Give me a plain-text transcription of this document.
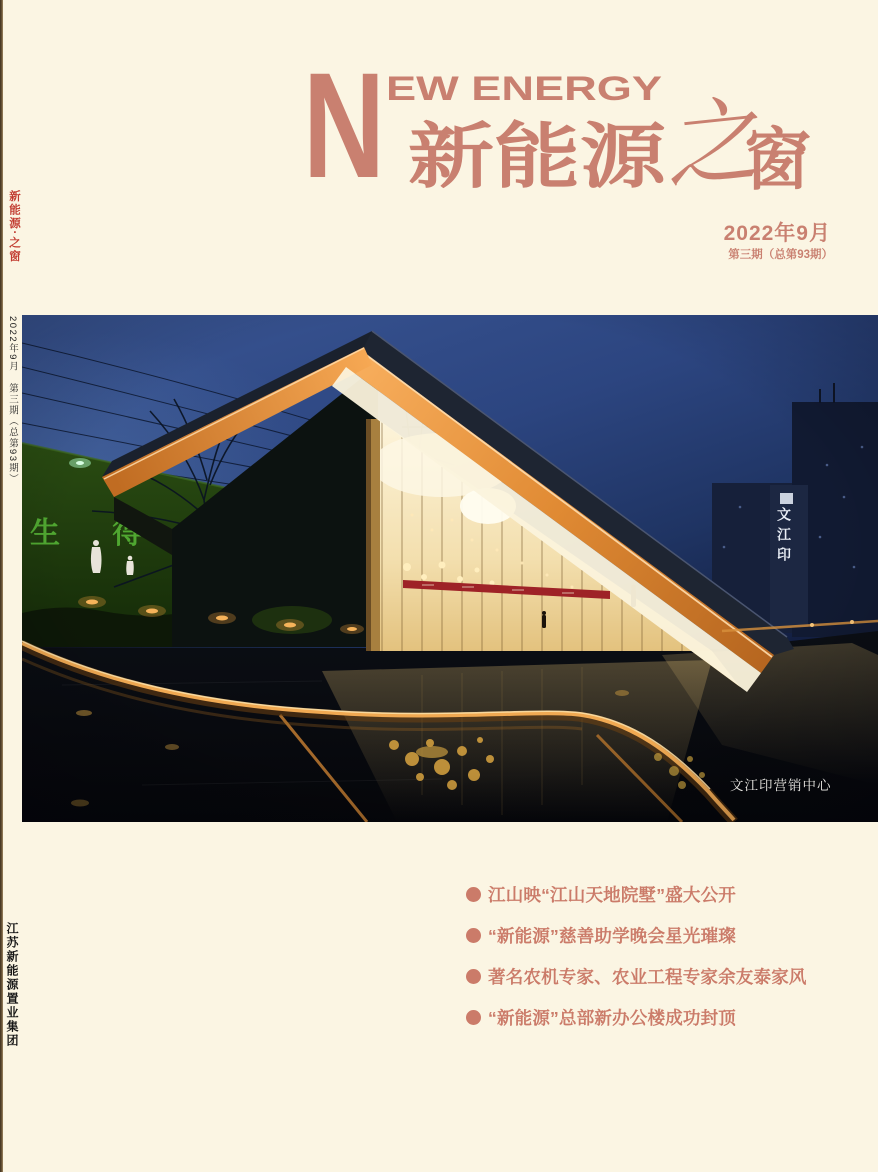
N EW ENERGY
新能源
之
窗
2022年9月
第三期（总第93期）
新能源·之窗
2022年9月　第三期（总第93期）
江苏新能源置业集团
文江印营销中心
江山映“江山天地院墅”盛大公开
“新能源”慈善助学晚会星光璀璨
著名农机专家、农业工程专家余友泰家风
“新能源”总部新办公楼成功封顶
